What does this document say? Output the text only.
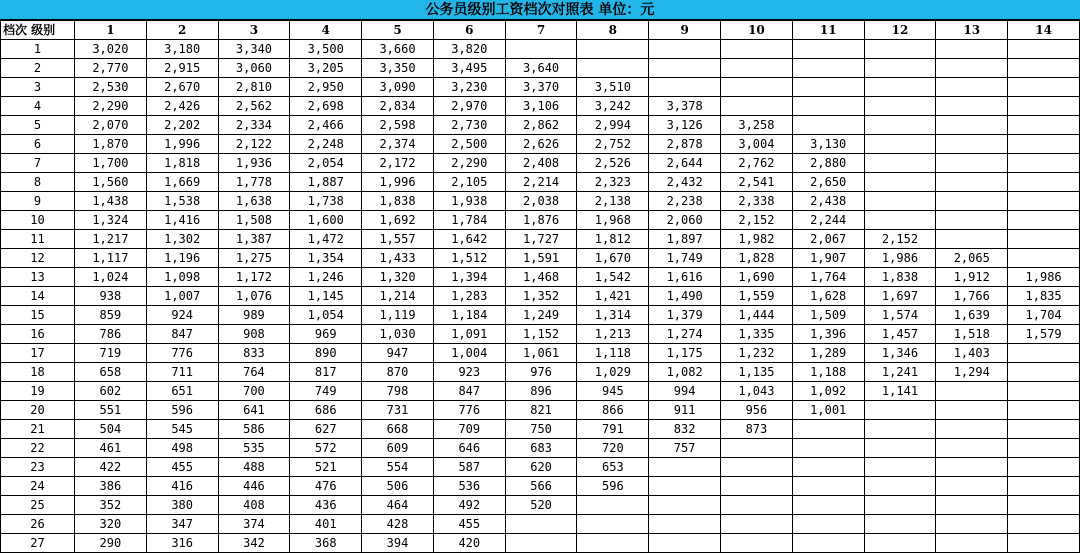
公务员级别工资档次对照表 单位：元
档次 级别	1	2	3	4	5	6	7	8	9	10	11	12	13	14
1	3,020	3,180	3,340	3,500	3,660	3,820								
2	2,770	2,915	3,060	3,205	3,350	3,495	3,640							
3	2,530	2,670	2,810	2,950	3,090	3,230	3,370	3,510						
4	2,290	2,426	2,562	2,698	2,834	2,970	3,106	3,242	3,378					
5	2,070	2,202	2,334	2,466	2,598	2,730	2,862	2,994	3,126	3,258				
6	1,870	1,996	2,122	2,248	2,374	2,500	2,626	2,752	2,878	3,004	3,130			
7	1,700	1,818	1,936	2,054	2,172	2,290	2,408	2,526	2,644	2,762	2,880			
8	1,560	1,669	1,778	1,887	1,996	2,105	2,214	2,323	2,432	2,541	2,650			
9	1,438	1,538	1,638	1,738	1,838	1,938	2,038	2,138	2,238	2,338	2,438			
10	1,324	1,416	1,508	1,600	1,692	1,784	1,876	1,968	2,060	2,152	2,244			
11	1,217	1,302	1,387	1,472	1,557	1,642	1,727	1,812	1,897	1,982	2,067	2,152		
12	1,117	1,196	1,275	1,354	1,433	1,512	1,591	1,670	1,749	1,828	1,907	1,986	2,065	
13	1,024	1,098	1,172	1,246	1,320	1,394	1,468	1,542	1,616	1,690	1,764	1,838	1,912	1,986
14	938	1,007	1,076	1,145	1,214	1,283	1,352	1,421	1,490	1,559	1,628	1,697	1,766	1,835
15	859	924	989	1,054	1,119	1,184	1,249	1,314	1,379	1,444	1,509	1,574	1,639	1,704
16	786	847	908	969	1,030	1,091	1,152	1,213	1,274	1,335	1,396	1,457	1,518	1,579
17	719	776	833	890	947	1,004	1,061	1,118	1,175	1,232	1,289	1,346	1,403	
18	658	711	764	817	870	923	976	1,029	1,082	1,135	1,188	1,241	1,294	
19	602	651	700	749	798	847	896	945	994	1,043	1,092	1,141		
20	551	596	641	686	731	776	821	866	911	956	1,001			
21	504	545	586	627	668	709	750	791	832	873				
22	461	498	535	572	609	646	683	720	757					
23	422	455	488	521	554	587	620	653						
24	386	416	446	476	506	536	566	596						
25	352	380	408	436	464	492	520							
26	320	347	374	401	428	455								
27	290	316	342	368	394	420								
